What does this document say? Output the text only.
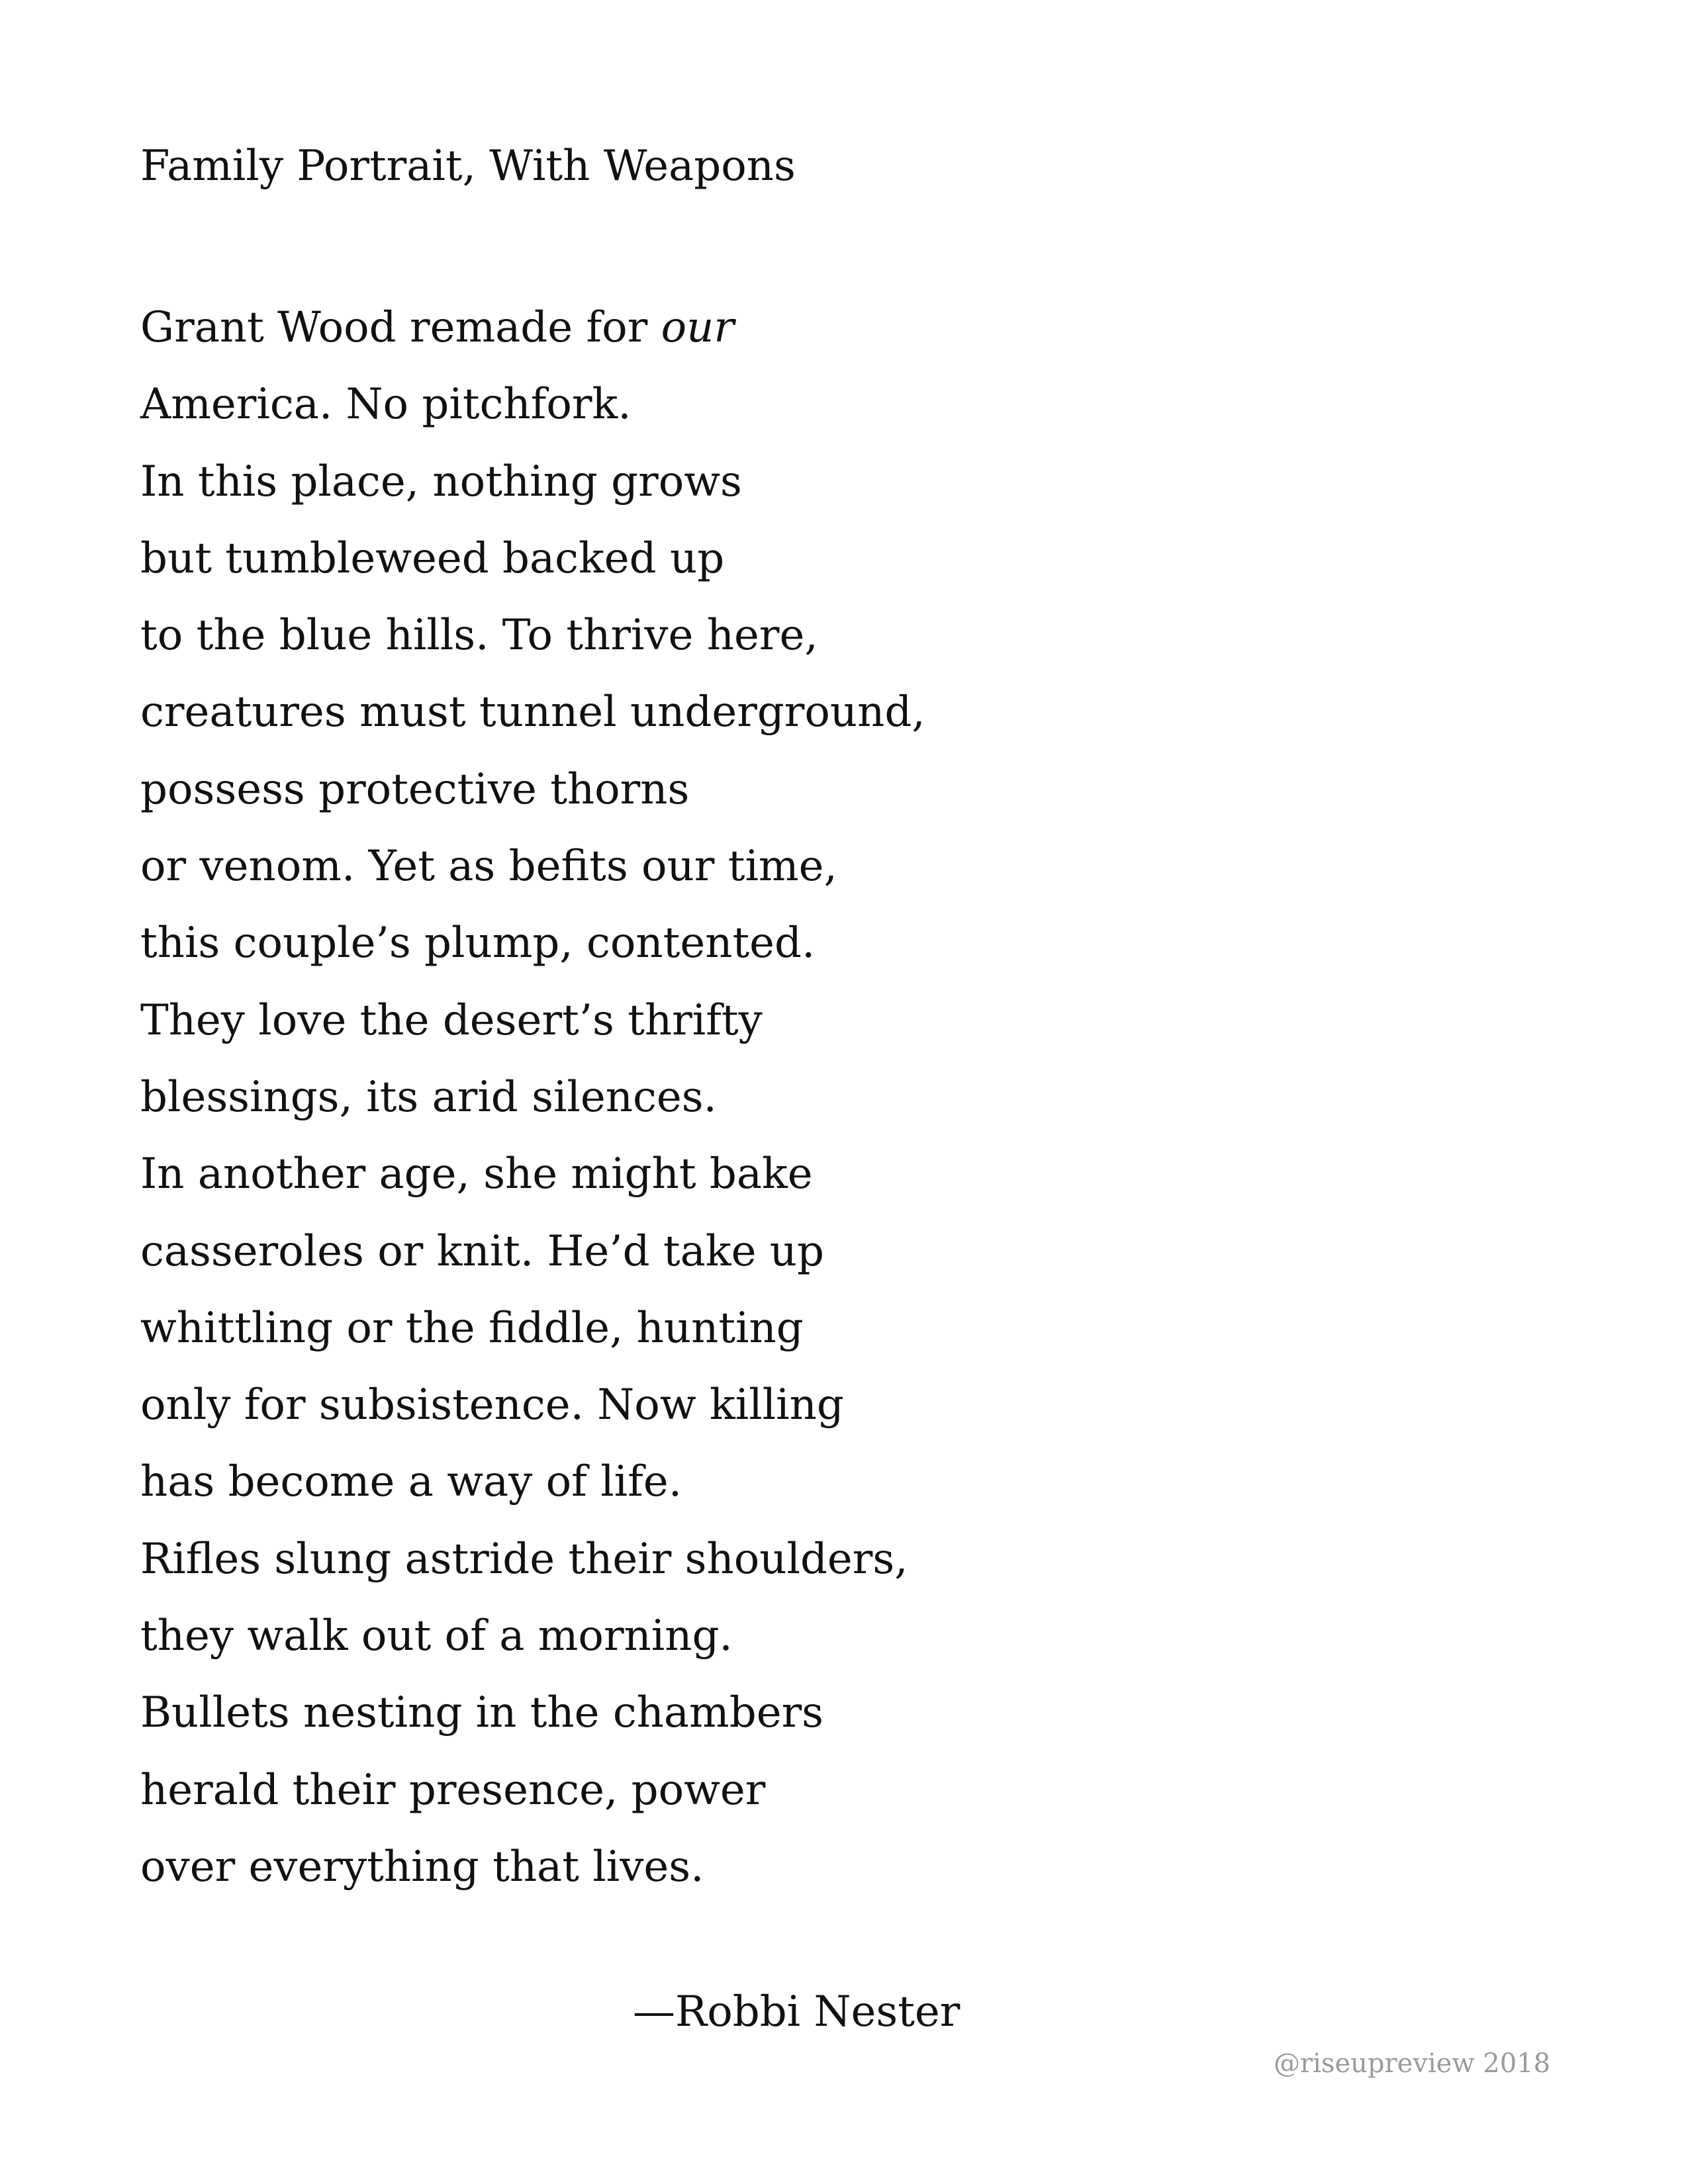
Family Portrait, With Weapons
Grant Wood remade for our
America. No pitchfork.
In this place, nothing grows
but tumbleweed backed up
to the blue hills. To thrive here,
creatures must tunnel underground,
possess protective thorns
or venom. Yet as befits our time,
this couple’s plump, contented.
They love the desert’s thrifty
blessings, its arid silences.
In another age, she might bake
casseroles or knit. He’d take up
whittling or the fiddle, hunting
only for subsistence. Now killing
has become a way of life.
Rifles slung astride their shoulders,
they walk out of a morning.
Bullets nesting in the chambers
herald their presence, power
over everything that lives.
—Robbi Nester
@riseupreview 2018
